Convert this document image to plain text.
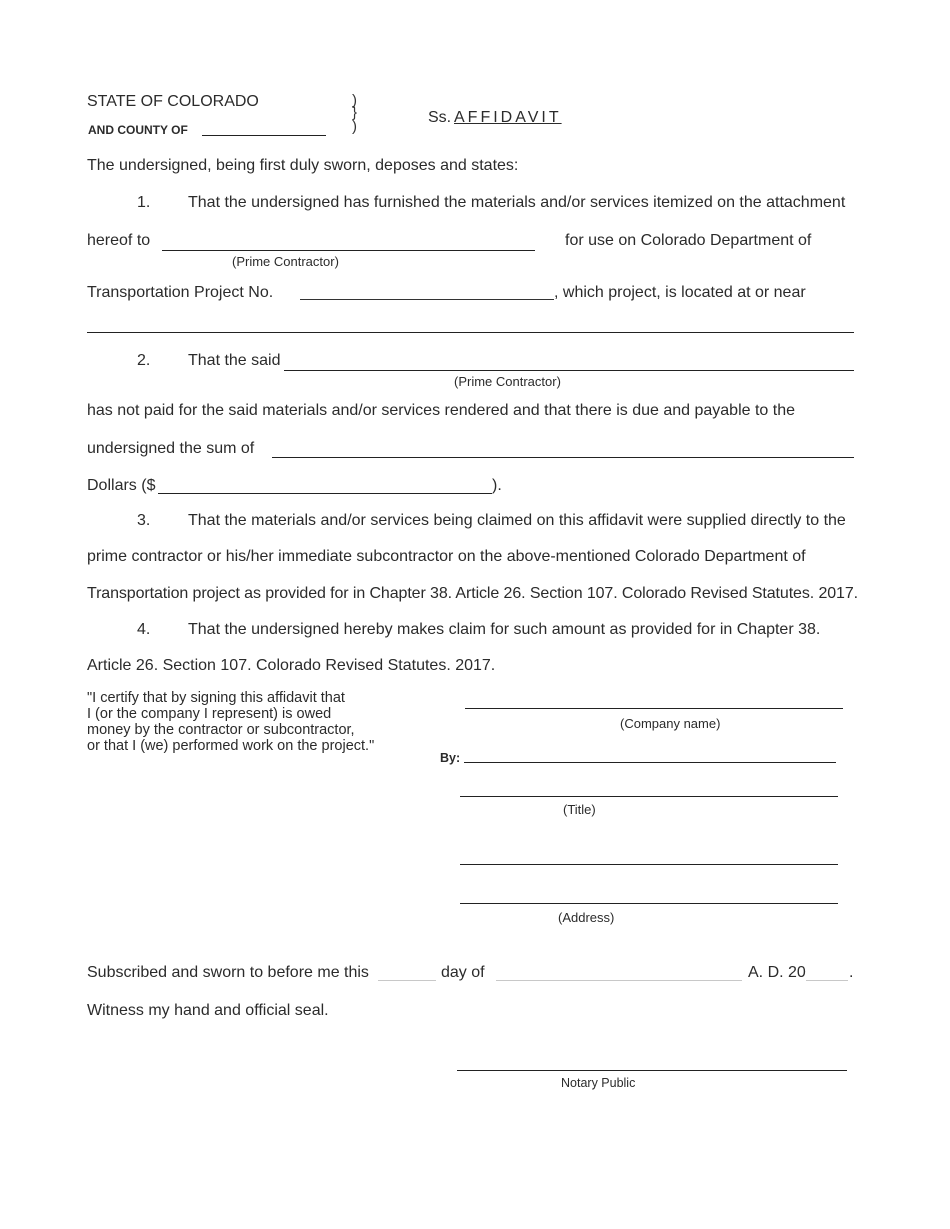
STATE OF COLORADO
AND COUNTY OF
)
}
)
Ss. AFFIDAVIT
The undersigned, being first duly sworn, deposes and states:
1. That the undersigned has furnished the materials and/or services itemized on the attachment
hereof to
(Prime Contractor)
for use on Colorado Department of
Transportation Project No.	, which project, is located at or near
2. That the said
(Prime Contractor)
has not paid for the said materials and/or services rendered and that there is due and payable to the
undersigned the sum of
Dollars ($	).
3. That the materials and/or services being claimed on this affidavit were supplied directly to the
prime contractor or his/her immediate subcontractor on the above-mentioned Colorado Department of
Transportation project as provided for in Chapter 38. Article 26. Section 107. Colorado Revised Statutes. 2017.
4. That the undersigned hereby makes claim for such amount as provided for in Chapter 38.
Article 26. Section 107. Colorado Revised Statutes. 2017.
"I certify that by signing this affidavit that
I (or the company I represent) is owed
money by the contractor or subcontractor,
or that I (we) performed work on the project."
(Company name)
By:
(Title)
(Address)
Subscribed and sworn to before me this	day of	A. D. 20	.
Witness my hand and official seal.
Notary Public
